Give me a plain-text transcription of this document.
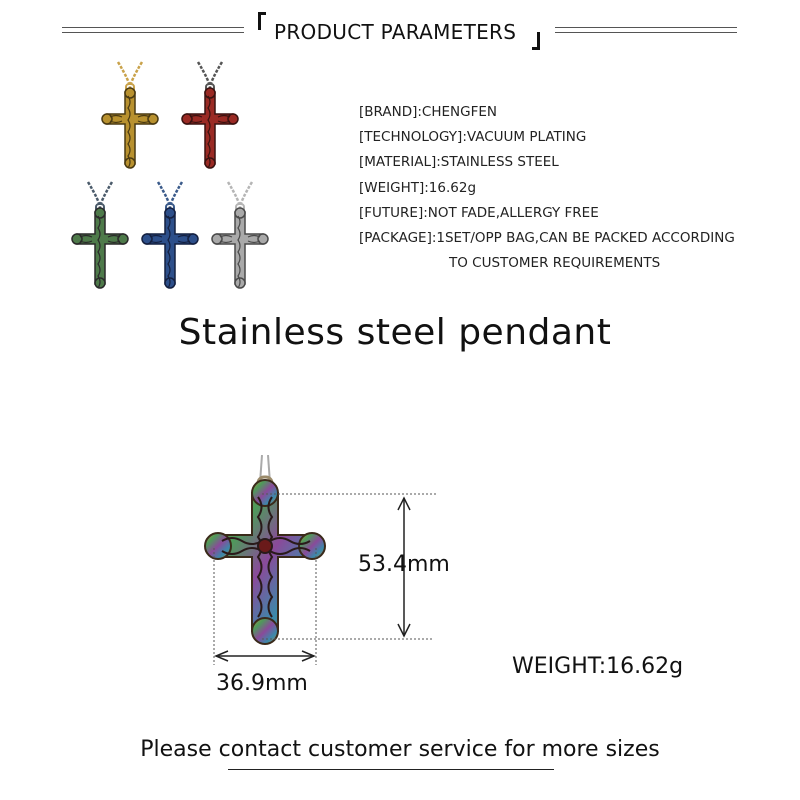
PRODUCT PARAMETERS
[BRAND]:CHENGFEN
[TECHNOLOGY]:VACUUM PLATING
[MATERIAL]:STAINLESS STEEL
[WEIGHT]:16.62g
[FUTURE]:NOT FADE,ALLERGY FREE
[PACKAGE]:1SET/OPP BAG,CAN BE PACKED ACCORDING
TO CUSTOMER REQUIREMENTS
Stainless steel pendant
53.4mm
36.9mm
WEIGHT:16.62g
Please contact customer service for more sizes
